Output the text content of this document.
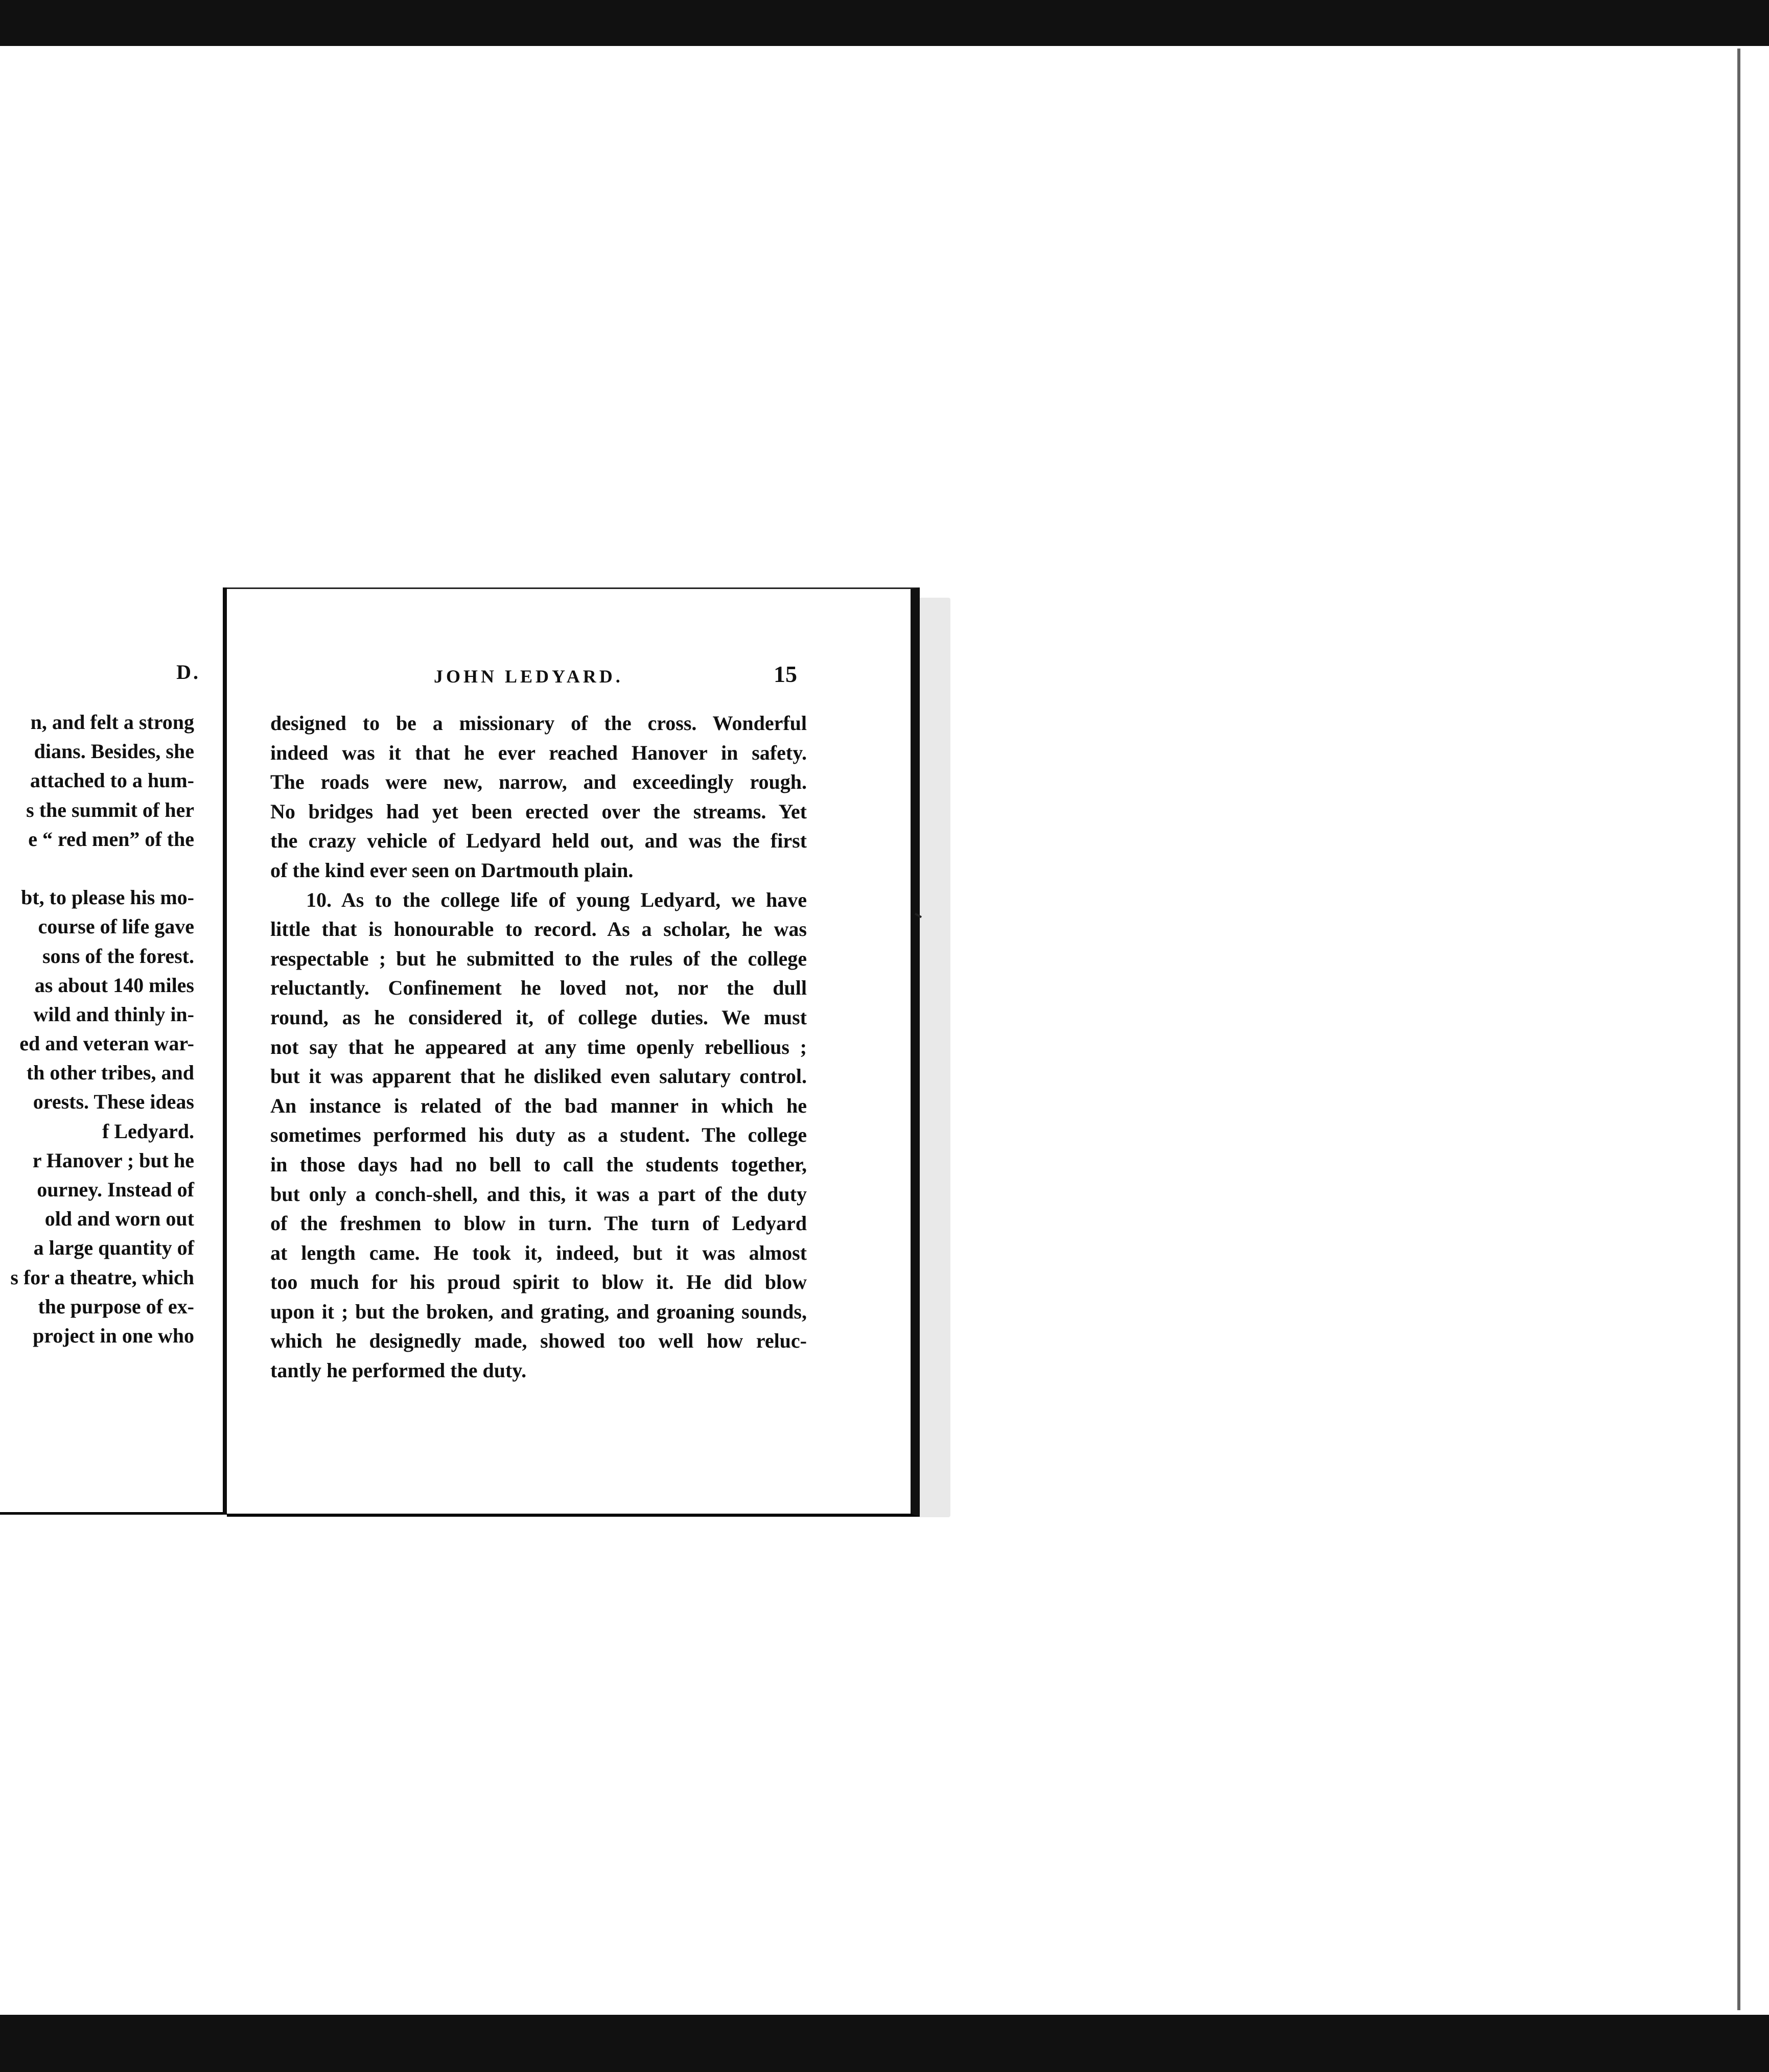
D.
n, and felt a strong
dians. Besides, she
attached to a hum-
s the summit of her
e “ red men” of the
bt, to please his mo-
course of life gave
sons of the forest.
as about 140 miles
wild and thinly in-
ed and veteran war-
th other tribes, and
orests. These ideas
f Ledyard.
r Hanover ; but he
ourney. Instead of
old and worn out
a large quantity of
s for a theatre, which
the purpose of ex-
project in one who
JOHN LEDYARD.	15
designed to be a missionary of the cross. Wonderful
indeed was it that he ever reached Hanover in safety.
The roads were new, narrow, and exceedingly rough.
No bridges had yet been erected over the streams. Yet
the crazy vehicle of Ledyard held out, and was the first
of the kind ever seen on Dartmouth plain.
10. As to the college life of young Ledyard, we have
little that is honourable to record. As a scholar, he was
respectable ; but he submitted to the rules of the college
reluctantly. Confinement he loved not, nor the dull
round, as he considered it, of college duties. We must
not say that he appeared at any time openly rebellious ;
but it was apparent that he disliked even salutary control.
An instance is related of the bad manner in which he
sometimes performed his duty as a student. The college
in those days had no bell to call the students together,
but only a conch-shell, and this, it was a part of the duty
of the freshmen to blow in turn. The turn of Ledyard
at length came. He took it, indeed, but it was almost
too much for his proud spirit to blow it. He did blow
upon it ; but the broken, and grating, and groaning sounds,
which he designedly made, showed too well how reluc-
tantly he performed the duty.
